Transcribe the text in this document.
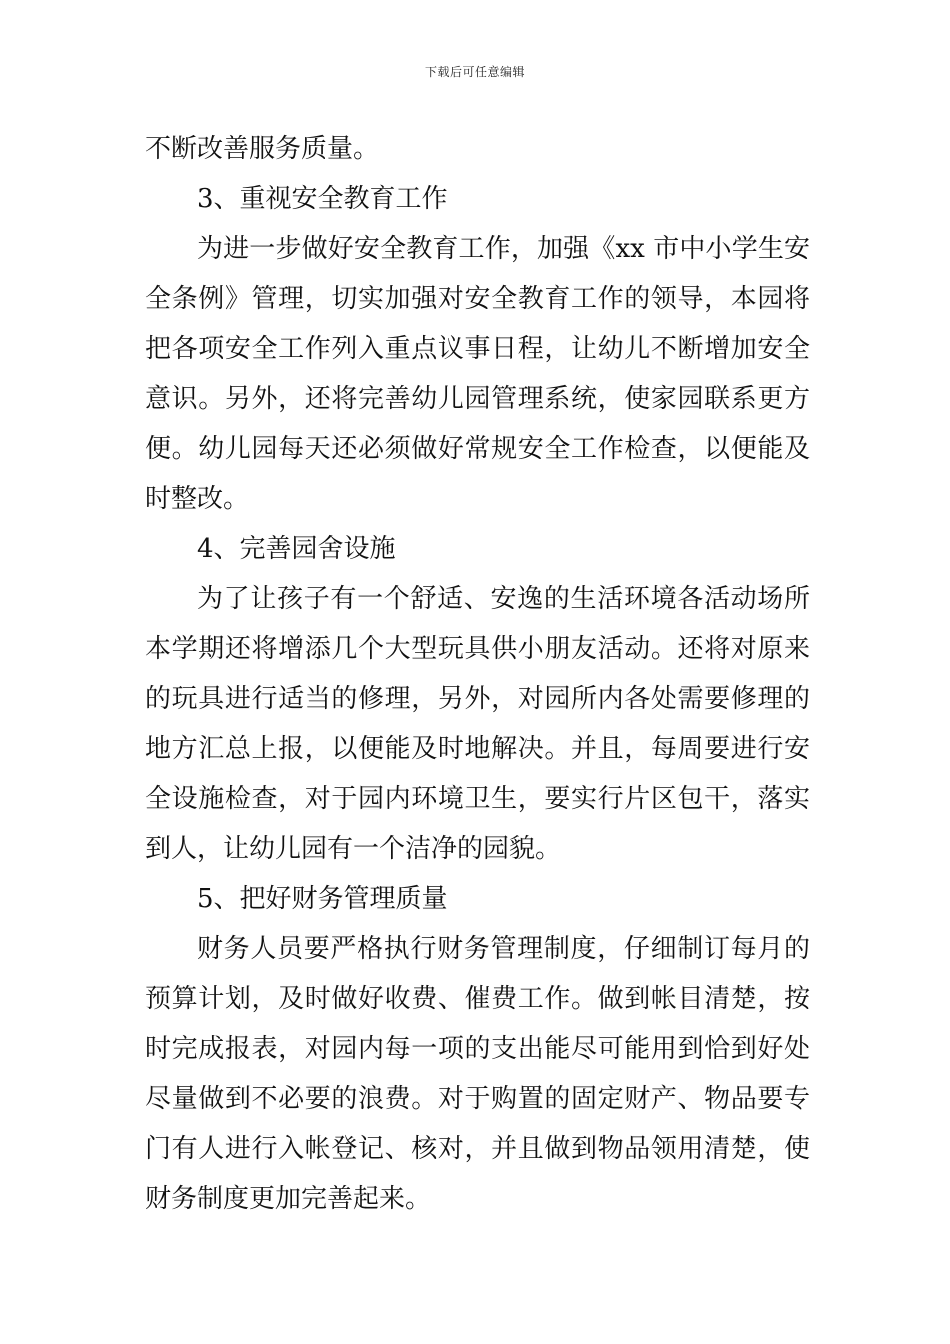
下载后可任意编辑
不断改善服务质量。
3、重视安全教育工作
为进一步做好安全教育工作，加强《xx 市中小学生安
全条例》管理，切实加强对安全教育工作的领导，本园将
把各项安全工作列入重点议事日程，让幼儿不断增加安全
意识。另外，还将完善幼儿园管理系统，使家园联系更方
便。幼儿园每天还必须做好常规安全工作检查，以便能及
时整改。
4、完善园舍设施
为了让孩子有一个舒适、安逸的生活环境各活动场所
本学期还将增添几个大型玩具供小朋友活动。还将对原来
的玩具进行适当的修理，另外，对园所内各处需要修理的
地方汇总上报，以便能及时地解决。并且，每周要进行安
全设施检查，对于园内环境卫生，要实行片区包干，落实
到人，让幼儿园有一个洁净的园貌。
5、把好财务管理质量
财务人员要严格执行财务管理制度，仔细制订每月的
预算计划，及时做好收费、催费工作。做到帐目清楚，按
时完成报表，对园内每一项的支出能尽可能用到恰到好处
尽量做到不必要的浪费。对于购置的固定财产、物品要专
门有人进行入帐登记、核对，并且做到物品领用清楚，使
财务制度更加完善起来。
